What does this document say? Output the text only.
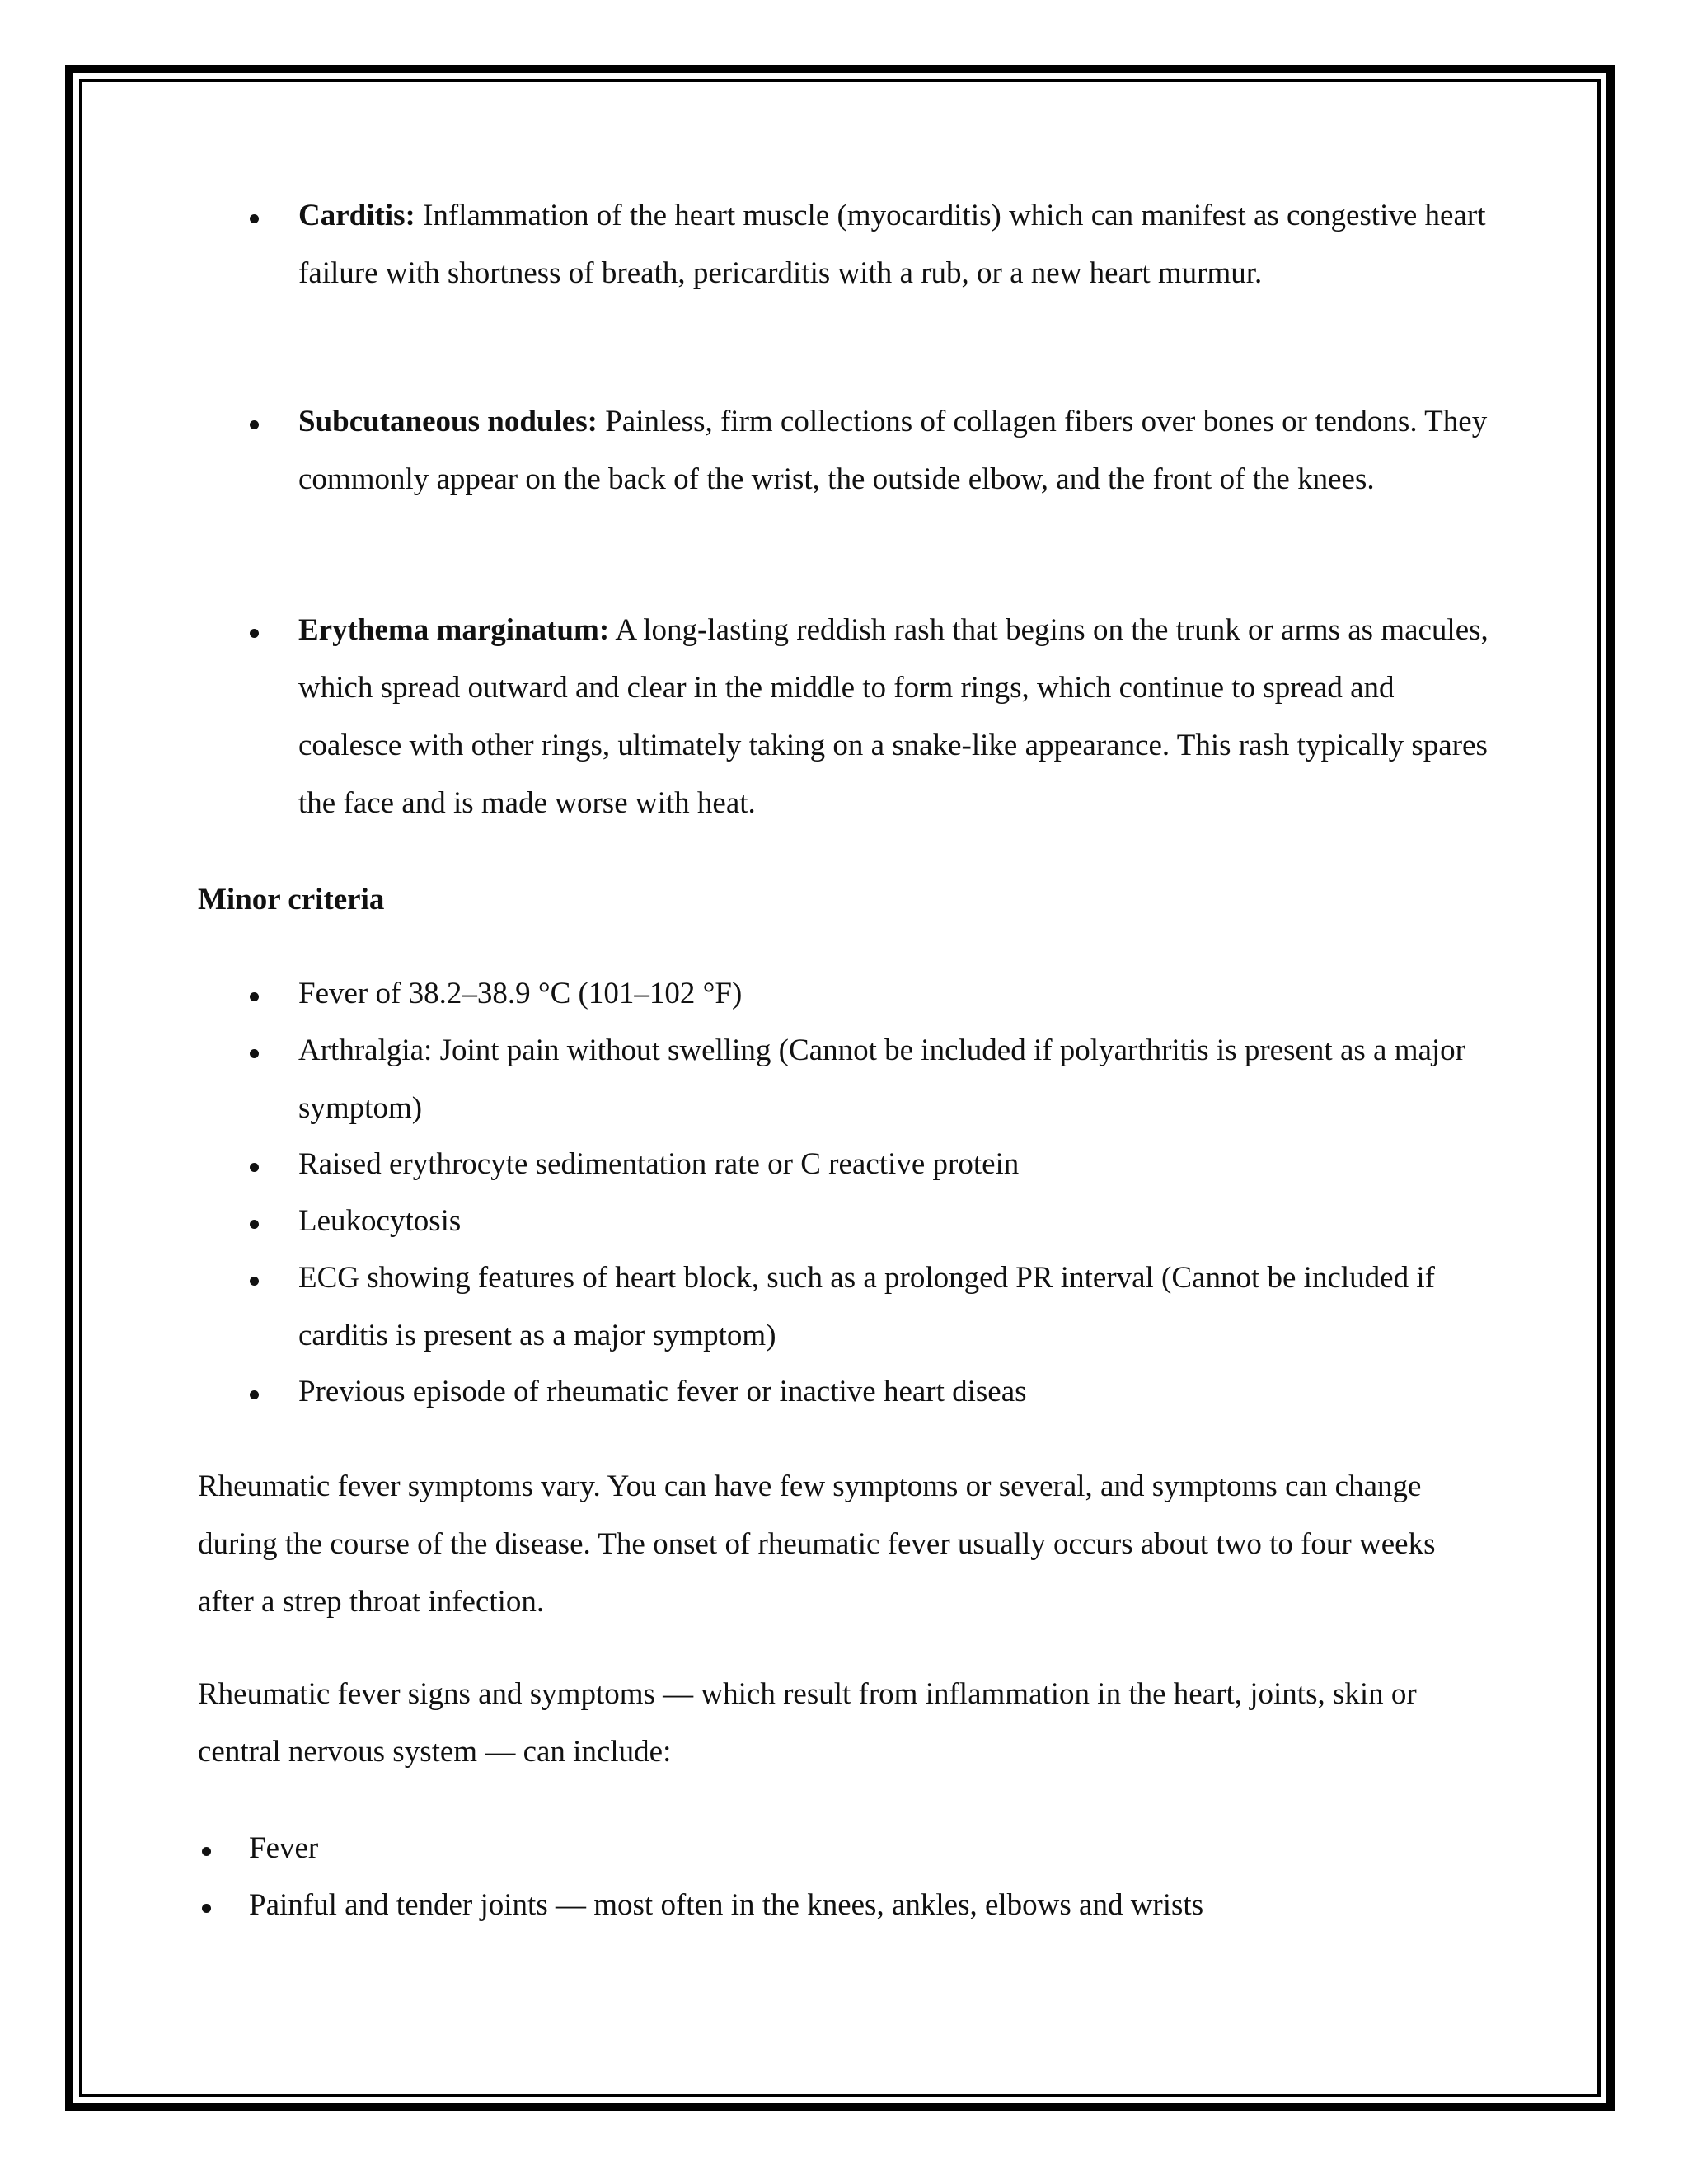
Carditis: Inflammation of the heart muscle (myocarditis) which can manifest as congestive heart failure with shortness of breath, pericarditis with a rub, or a new heart murmur.
Subcutaneous nodules: Painless, firm collections of collagen fibers over bones or tendons. They commonly appear on the back of the wrist, the outside elbow, and the front of the knees.
Erythema marginatum: A long-lasting reddish rash that begins on the trunk or arms as macules, which spread outward and clear in the middle to form rings, which continue to spread and coalesce with other rings, ultimately taking on a snake-like appearance. This rash typically spares the face and is made worse with heat.
Minor criteria
Fever of 38.2–38.9 °C (101–102 °F)
Arthralgia: Joint pain without swelling (Cannot be included if polyarthritis is present as a major symptom)
Raised erythrocyte sedimentation rate or C reactive protein
Leukocytosis
ECG showing features of heart block, such as a prolonged PR interval (Cannot be included if carditis is present as a major symptom)
Previous episode of rheumatic fever or inactive heart diseas
Rheumatic fever symptoms vary. You can have few symptoms or several, and symptoms can change during the course of the disease. The onset of rheumatic fever usually occurs about two to four weeks after a strep throat infection.
Rheumatic fever signs and symptoms — which result from inflammation in the heart, joints, skin or central nervous system — can include:
Fever
Painful and tender joints — most often in the knees, ankles, elbows and wrists
